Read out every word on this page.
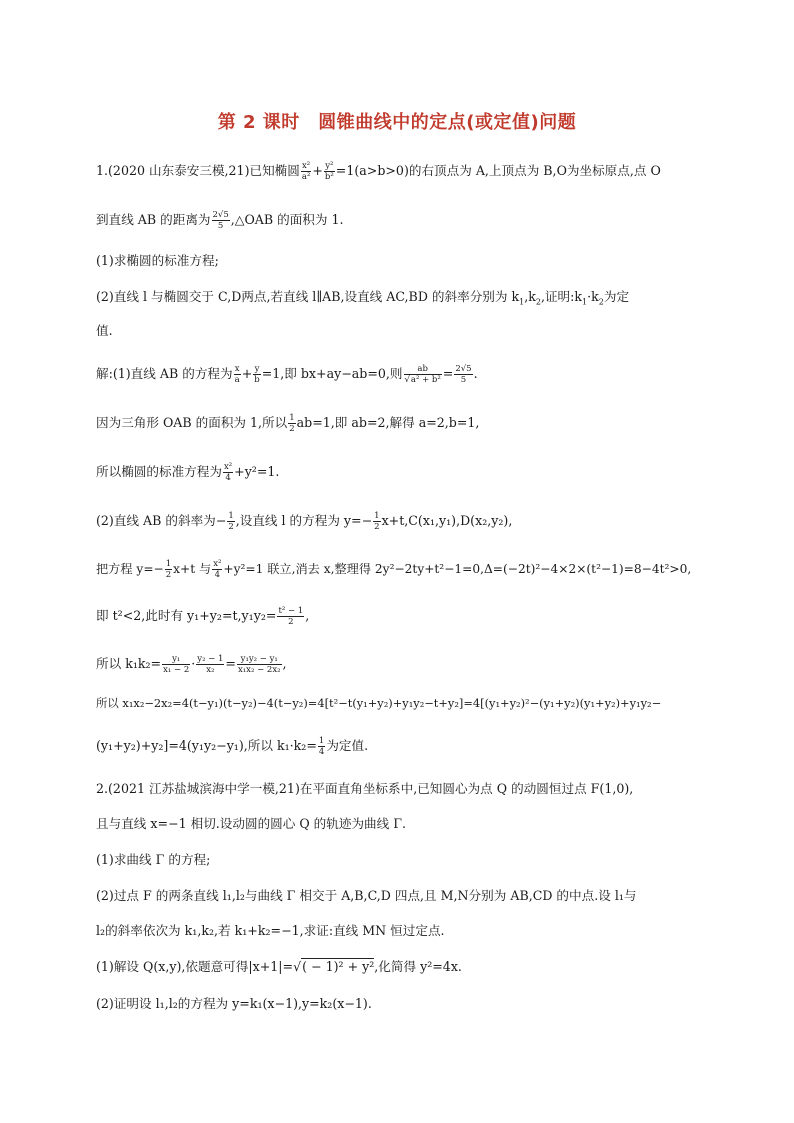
第 2 课时　圆锥曲线中的定点(或定值)问题
1.(2020 山东泰安三模,21)已知椭圆 $\frac{\text{x²}}{\text{a²}} + \frac{\text{y²}}{\text{b²}} =1(a>b>0)$的右顶点为 A,上顶点为 B,O为坐标原点,点 O
到直线 AB 的距离为 $\frac{2√5}{5}$ ,△OAB 的面积为 1.
(1)求椭圆的标准方程;
(2)直线 l 与椭圆交于 C,D两点,若直线 l∥AB,设直线 AC,BD 的斜率分别为 $k_1,k_2$,证明$:k_1\cdot k_2$为定
值.
解:(1)直线 AB 的方程为 $\frac{x}{a} + \frac{y}{b} =1$,即 bx+ay−ab=0,则 $\frac{ab}{\text{√a² + b²}} = \frac{2√5}{5}$ .
因为三角形 OAB 的面积为 1,所以 $\frac{1}{2} ab=1$,即 ab=2,解得 a=2,b=1,
所以椭圆的标准方程为 $\frac{\text{x²}}{4} +y^2=1$.
(2)直线 AB 的斜率为− $\frac{1}{2}$ ,设直线 l 的方程为 $y=- \frac{1}{2} x+t,C(x_1,y_1),D(x_2,y_2)$,
把方程 $y=- \frac{1}{2} x+t$ 与 $\frac{\text{x²}}{4} +y^2=1$ 联立,消去 x,整理得 2y²−2ty+t²−1=0,Δ=(−2t)²−4×2×(t²−1)=8−4t²>0,
即 t²<2,此时有 $y_1+y_2=t,y_1y_2= \frac{\text{t² − 1}}{2}$ ,
所以 $k_1k_2= \frac{\text{y₁}}{\text{x₁ − 2}} \cdot \frac{\text{y₂ − 1}}{\text{x₂}} = \frac{\text{y₁y₂ − y₁}}{\text{x₁x₂ − 2x₂}}$ ,
所以 x₁x₂−2x₂=4(t−y₁)(t−y₂)−4(t−y₂)=4[t²−t(y₁+y₂)+y₁y₂−t+y₂]=4[(y₁+y₂)²−(y₁+y₂)(y₁+y₂)+y₁y₂−
(y₁+y₂)+y₂]=4(y₁y₂−y₁),所以 $k_1\cdot k_2= \frac{1}{4}$ 为定值.
2.(2021 江苏盐城滨海中学一模,21)在平面直角坐标系中,已知圆心为点 Q 的动圆恒过点 F(1,0),
且与直线 x=−1 相切.设动圆的圆心 Q 的轨迹为曲线 Γ.
(1)求曲线 Γ 的方程;
(2)过点 F 的两条直线 l₁,l₂与曲线 Γ 相交于 A,B,C,D 四点,且 M,N分别为 AB,CD 的中点.设 l₁与
l₂的斜率依次为 k₁,k₂,若 k₁+k₂=−1,求证:直线 MN 恒过定点.
(1)解设 Q(x,y),依题意可得|x+1|=√( − 1)² + y²,化简得 y²=4x.
(2)证明设 l₁,l₂的方程为 y=k₁(x−1),y=k₂(x−1).
